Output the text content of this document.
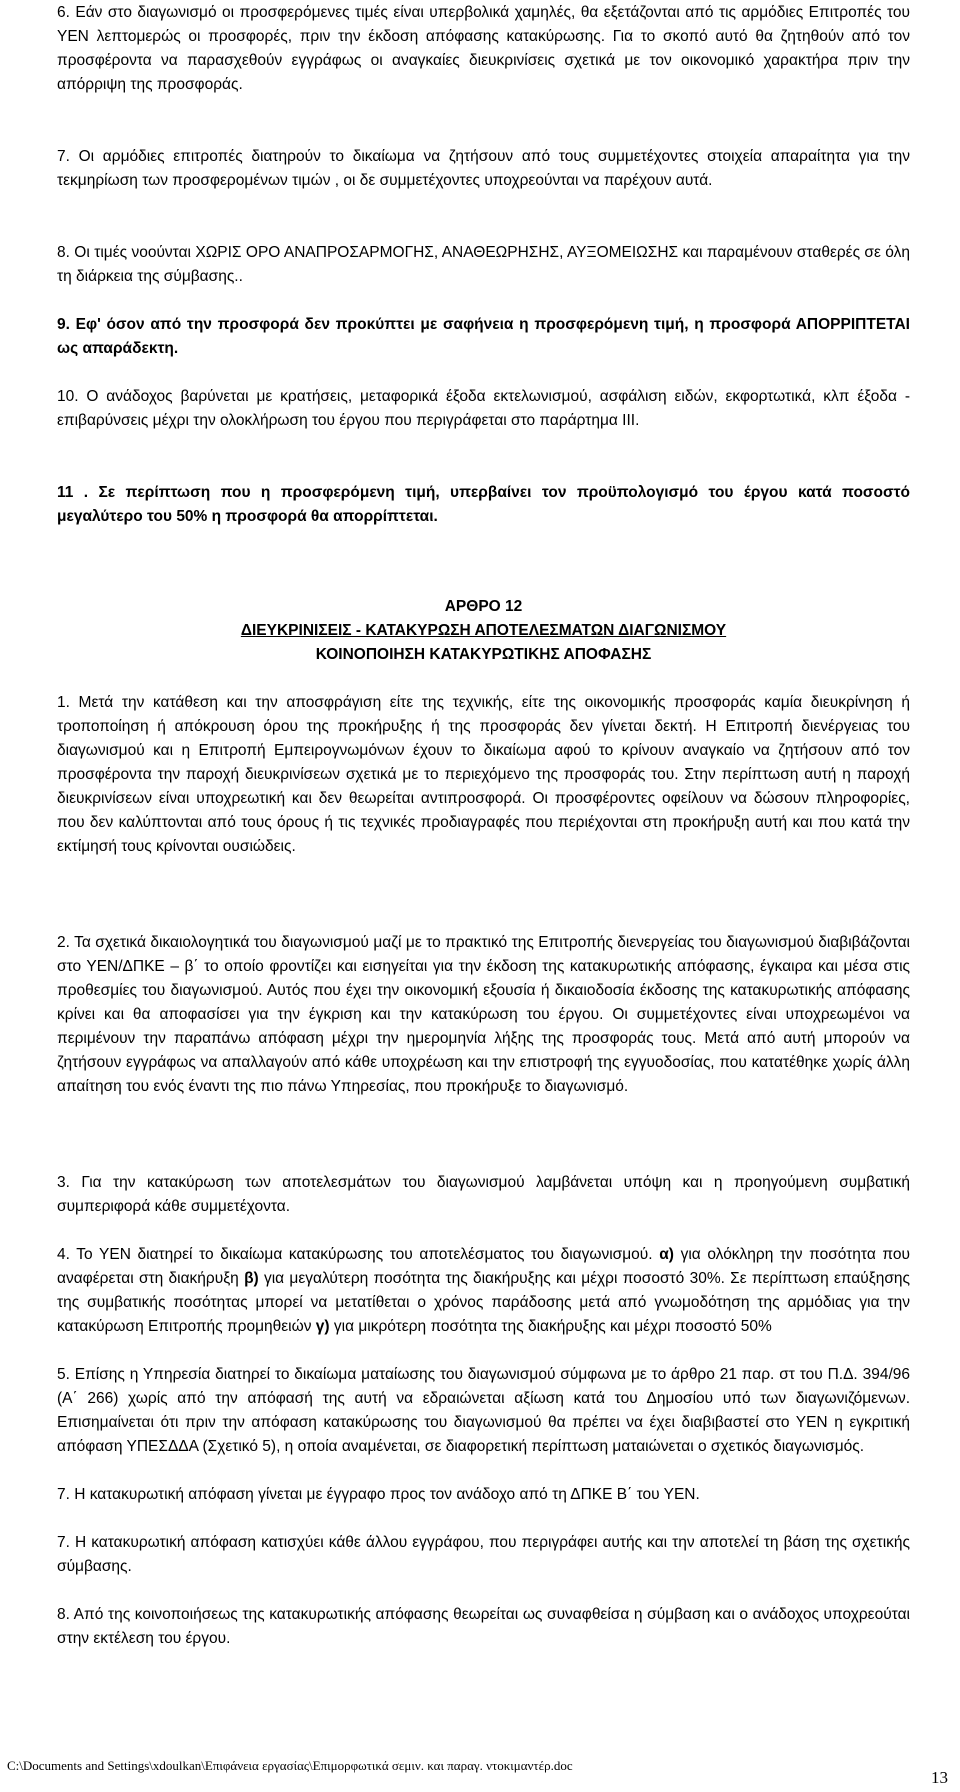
6. Εάν στο διαγωνισμό οι προσφερόμενες τιμές είναι υπερβολικά χαμηλές, θα εξετάζονται από τις αρμόδιες Επιτροπές του ΥΕΝ λεπτομερώς οι προσφορές, πριν την έκδοση απόφασης κατακύρωσης. Για το σκοπό αυτό θα ζητηθούν από τον προσφέροντα να παρασχεθούν εγγράφως οι αναγκαίες διευκρινίσεις σχετικά με τον οικονομικό χαρακτήρα πριν την απόρριψη της προσφοράς.

7. Οι αρμόδιες επιτροπές διατηρούν το δικαίωμα να ζητήσουν από τους συμμετέχοντες στοιχεία απαραίτητα για την τεκμηρίωση των προσφερομένων τιμών , οι δε συμμετέχοντες υποχρεούνται να παρέχουν αυτά.

8. Οι τιμές νοούνται ΧΩΡΙΣ ΟΡΟ ΑΝΑΠΡΟΣΑΡΜΟΓΗΣ, ΑΝΑΘΕΩΡΗΣΗΣ, ΑΥΞΟΜΕΙΩΣΗΣ και παραμένουν σταθερές σε όλη τη διάρκεια της σύμβασης..

9. Εφ' όσον από την προσφορά δεν προκύπτει με σαφήνεια η προσφερόμενη τιμή, η προσφορά ΑΠΟΡΡΙΠΤΕΤΑΙ ως απαράδεκτη.

10. Ο ανάδοχος βαρύνεται με κρατήσεις, μεταφορικά έξοδα εκτελωνισμού, ασφάλιση ειδών, εκφορτωτικά, κλπ έξοδα - επιβαρύνσεις μέχρι την ολοκλήρωση του έργου που περιγράφεται στο παράρτημα ΙΙΙ.

11 . Σε περίπτωση που η προσφερόμενη τιμή, υπερβαίνει τον προϋπολογισμό του έργου κατά ποσοστό μεγαλύτερο του 50% η προσφορά θα απορρίπτεται.

ΑΡΘΡΟ 12
ΔΙΕΥΚΡΙΝΙΣΕΙΣ - ΚΑΤΑΚΥΡΩΣΗ ΑΠΟΤΕΛΕΣΜΑΤΩΝ ΔΙΑΓΩΝΙΣΜΟΥ
ΚΟΙΝΟΠΟΙΗΣΗ ΚΑΤΑΚΥΡΩΤΙΚΗΣ ΑΠΟΦΑΣΗΣ

1. Μετά την κατάθεση και την αποσφράγιση είτε της τεχνικής, είτε της οικονομικής προσφοράς καμία διευκρίνηση ή τροποποίηση ή απόκρουση όρου της προκήρυξης ή της προσφοράς δεν γίνεται δεκτή. Η Επιτροπή διενέργειας του διαγωνισμού και η Επιτροπή Εμπειρογνωμόνων έχουν το δικαίωμα αφού το κρίνουν αναγκαίο να ζητήσουν από τον προσφέροντα την παροχή διευκρινίσεων σχετικά με το περιεχόμενο της προσφοράς του. Στην περίπτωση αυτή η παροχή διευκρινίσεων είναι υποχρεωτική και δεν θεωρείται αντιπροσφορά. Οι προσφέροντες οφείλουν να δώσουν πληροφορίες, που δεν καλύπτονται από τους όρους ή τις τεχνικές προδιαγραφές που περιέχονται στη προκήρυξη αυτή και που κατά την εκτίμησή τους κρίνονται ουσιώδεις.

2. Τα σχετικά δικαιολογητικά του διαγωνισμού μαζί με το πρακτικό της Επιτροπής διενεργείας του διαγωνισμού διαβιβάζονται στο ΥΕΝ/ΔΠΚΕ – β΄ το οποίο φροντίζει και εισηγείται για την έκδοση της κατακυρωτικής απόφασης, έγκαιρα και μέσα στις προθεσμίες του διαγωνισμού. Αυτός που έχει την οικονομική εξουσία ή δικαιοδοσία έκδοσης της κατακυρωτικής απόφασης κρίνει και θα αποφασίσει για την έγκριση και την κατακύρωση του έργου. Οι συμμετέχοντες είναι υποχρεωμένοι να περιμένουν την παραπάνω απόφαση μέχρι την ημερομηνία λήξης της προσφοράς τους. Μετά από αυτή μπορούν να ζητήσουν εγγράφως να απαλλαγούν από κάθε υποχρέωση και την επιστροφή της εγγυοδοσίας, που κατατέθηκε χωρίς άλλη απαίτηση του ενός έναντι της πιο πάνω Υπηρεσίας, που προκήρυξε το διαγωνισμό.

3. Για την κατακύρωση των αποτελεσμάτων του διαγωνισμού λαμβάνεται υπόψη και η προηγούμενη συμβατική συμπεριφορά κάθε συμμετέχοντα.

4. Το ΥΕΝ διατηρεί το δικαίωμα κατακύρωσης του αποτελέσματος του διαγωνισμού. α) για ολόκληρη την ποσότητα που αναφέρεται στη διακήρυξη β) για μεγαλύτερη ποσότητα της διακήρυξης και μέχρι ποσοστό 30%. Σε περίπτωση επαύξησης της συμβατικής ποσότητας μπορεί να μετατίθεται ο χρόνος παράδοσης μετά από γνωμοδότηση της αρμόδιας για την κατακύρωση Επιτροπής προμηθειών γ) για μικρότερη ποσότητα της διακήρυξης και μέχρι ποσοστό 50%

5. Επίσης η Υπηρεσία διατηρεί το δικαίωμα ματαίωσης του διαγωνισμού σύμφωνα με το άρθρο 21 παρ. στ του Π.Δ. 394/96 (Α΄ 266) χωρίς από την απόφασή της αυτή να εδραιώνεται αξίωση κατά του Δημοσίου υπό των διαγωνιζόμενων. Επισημαίνεται ότι πριν την απόφαση κατακύρωσης του διαγωνισμού θα πρέπει να έχει διαβιβαστεί στο ΥΕΝ η εγκριτική απόφαση ΥΠΕΣΔΔΑ (Σχετικό 5), η οποία αναμένεται, σε διαφορετική περίπτωση ματαιώνεται ο σχετικός διαγωνισμός.

7. Η κατακυρωτική απόφαση γίνεται με έγγραφο προς τον ανάδοχο από τη ΔΠΚΕ Β΄ του ΥΕΝ.

7. Η κατακυρωτική απόφαση κατισχύει κάθε άλλου εγγράφου, που περιγράφει αυτής και την αποτελεί τη βάση της σχετικής σύμβασης.

8. Από της κοινοποιήσεως της κατακυρωτικής απόφασης θεωρείται ως συναφθείσα η σύμβαση και ο ανάδοχος υποχρεούται στην εκτέλεση του έργου.

C:\Documents and Settings\xdoulkan\Επιφάνεια εργασίας\Επιμορφωτικά σεμιν. και παραγ. ντοκιμαντέρ.doc
13
